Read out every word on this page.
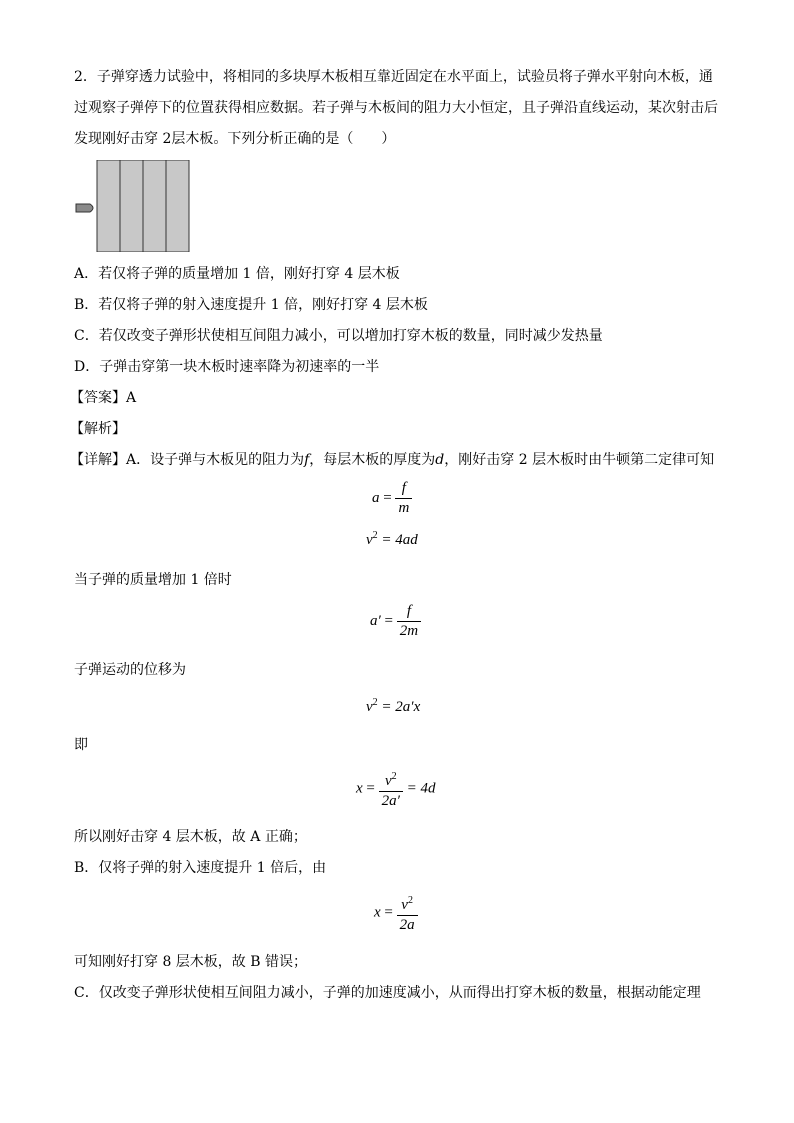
2．子弹穿透力试验中，将相同的多块厚木板相互靠近固定在水平面上，试验员将子弹水平射向木板，通过观察子弹停下的位置获得相应数据。若子弹与木板间的阻力大小恒定，且子弹沿直线运动，某次射击后发现刚好击穿 2层木板。下列分析正确的是（　　）

A．若仅将子弹的质量增加 1 倍，刚好打穿 4 层木板
B．若仅将子弹的射入速度提升 1 倍，刚好打穿 4 层木板
C．若仅改变子弹形状使相互间阻力减小，可以增加打穿木板的数量，同时减少发热量
D．子弹击穿第一块木板时速率降为初速率的一半
【答案】A
【解析】
【详解】A．设子弹与木板见的阻力为f，每层木板的厚度为d，刚好击穿 2 层木板时由牛顿第二定律可知
$a = \frac{f}{m}$
$v^2 = 4ad$
当子弹的质量增加 1 倍时
$a' = \frac{f}{2m}$
子弹运动的位移为
$v^2 = 2a'x$
即
$x = \frac{v^2}{2a'} = 4d$
所以刚好击穿 4 层木板，故 A 正确；
B．仅将子弹的射入速度提升 1 倍后，由
$x = \frac{v^2}{2a}$
可知刚好打穿 8 层木板，故 B 错误；
C．仅改变子弹形状使相互间阻力减小，子弹的加速度减小，从而得出打穿木板的数量，根据动能定理
